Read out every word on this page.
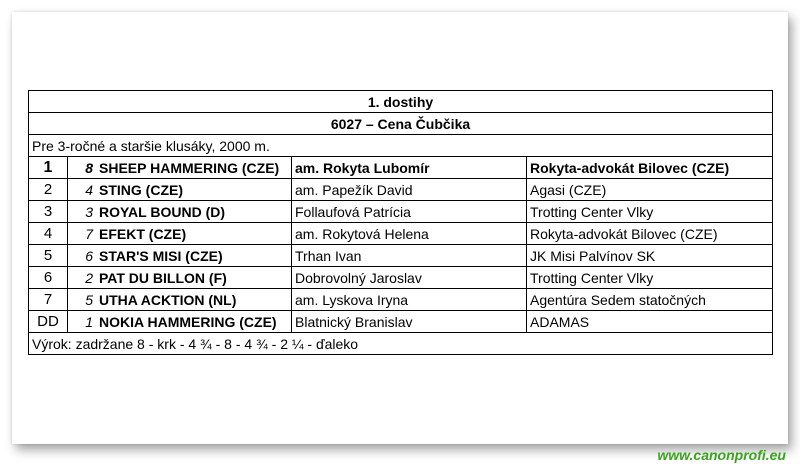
1. dostihy				
6027 – Cena Čubčika				
Pre 3-ročné a staršie klusáky, 2000 m.				
1	8	SHEEP HAMMERING (CZE)	am. Rokyta Lubomír	Rokyta-advokát Bilovec (CZE)
2	4	STING (CZE)	am. Papežík David	Agasi (CZE)
3	3	ROYAL BOUND (D)	Follaufová Patrícia	Trotting Center Vlky
4	7	EFEKT (CZE)	am. Rokytová Helena	Rokyta-advokát Bilovec (CZE)
5	6	STAR'S MISI (CZE)	Trhan Ivan	JK Misi Palvínov SK
6	2	PAT DU BILLON (F)	Dobrovolný Jaroslav	Trotting Center Vlky
7	5	UTHA ACKTION (NL)	am. Lyskova Iryna	Agentúra Sedem statočných
DD	1	NOKIA HAMMERING (CZE)	Blatnický Branislav	ADAMAS
Výrok: zadržane 8 - krk - 4 ¾ - 8 - 4 ¾ - 2 ¼ - ďaleko				
www.canonprofi.eu
